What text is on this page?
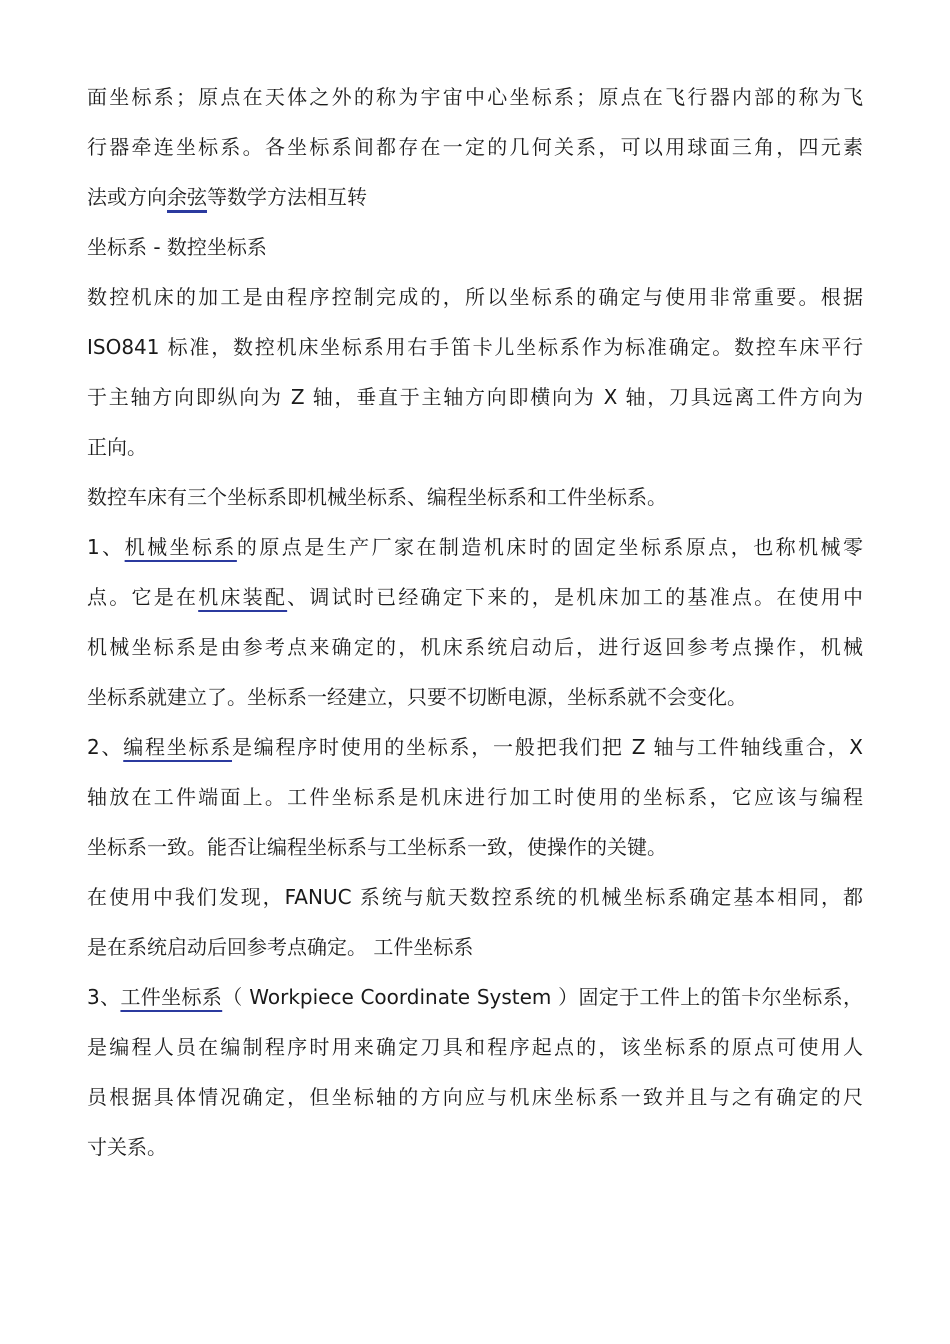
面坐标系；原点在天体之外的称为宇宙中心坐标系；原点在飞行器内部的称为飞
行器牵连坐标系。各坐标系间都存在一定的几何关系，可以用球面三角，四元素
法或方向余弦等数学方法相互转
坐标系 - 数控坐标系
数控机床的加工是由程序控制完成的，所以坐标系的确定与使用非常重要。根据
ISO841 标准，数控机床坐标系用右手笛卡儿坐标系作为标准确定。数控车床平行
于主轴方向即纵向为 Z 轴，垂直于主轴方向即横向为 X 轴，刀具远离工件方向为
正向。
数控车床有三个坐标系即机械坐标系、编程坐标系和工件坐标系。
1、机械坐标系的原点是生产厂家在制造机床时的固定坐标系原点，也称机械零
点。它是在机床装配、调试时已经确定下来的，是机床加工的基准点。在使用中
机械坐标系是由参考点来确定的，机床系统启动后，进行返回参考点操作，机械
坐标系就建立了。坐标系一经建立，只要不切断电源，坐标系就不会变化。
2、编程坐标系是编程序时使用的坐标系，一般把我们把 Z 轴与工件轴线重合，X
轴放在工件端面上。工件坐标系是机床进行加工时使用的坐标系，它应该与编程
坐标系一致。能否让编程坐标系与工坐标系一致，使操作的关键。
在使用中我们发现，FANUC 系统与航天数控系统的机械坐标系确定基本相同，都
是在系统启动后回参考点确定。 工件坐标系
3、工件坐标系（ Workpiece Coordinate System ）固定于工件上的笛卡尔坐标系，
是编程人员在编制程序时用来确定刀具和程序起点的，该坐标系的原点可使用人
员根据具体情况确定，但坐标轴的方向应与机床坐标系一致并且与之有确定的尺
寸关系。
